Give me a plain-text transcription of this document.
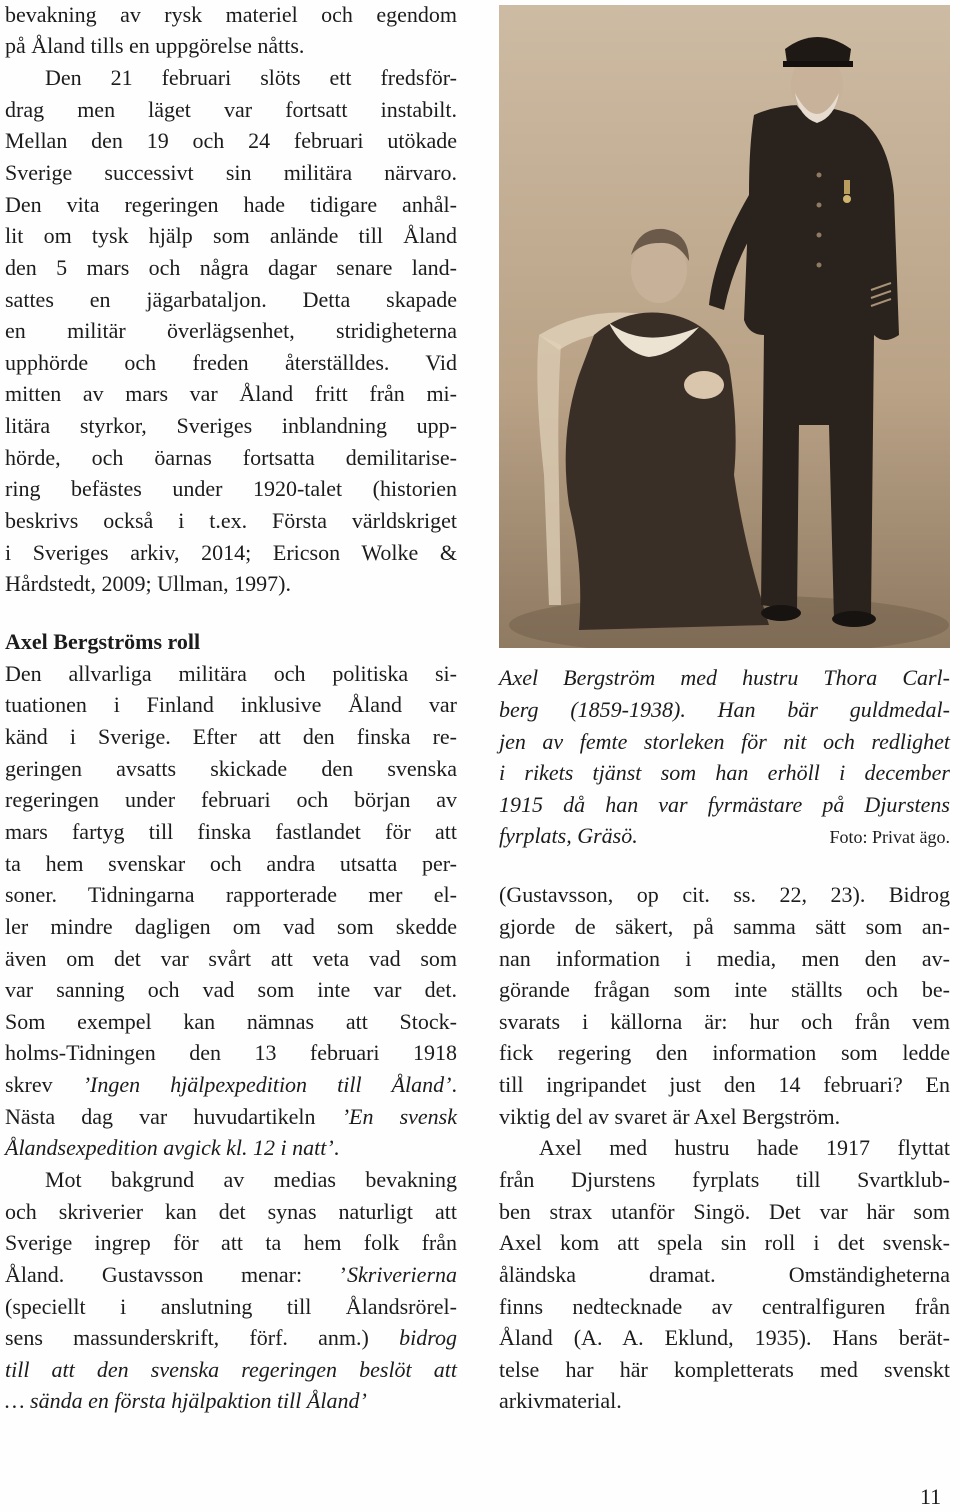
bevakning av rysk materiel och egendom
på Åland tills en uppgörelse nåtts.
Den 21 februari slöts ett fredsför-
drag men läget var fortsatt instabilt.
Mellan den 19 och 24 februari utökade
Sverige successivt sin militära närvaro.
Den vita regeringen hade tidigare anhål-
lit om tysk hjälp som anlände till Åland
den 5 mars och några dagar senare land-
sattes en jägarbataljon. Detta skapade
en militär överlägsenhet, stridigheterna
upphörde och freden återställdes. Vid
mitten av mars var Åland fritt från mi-
litära styrkor, Sveriges inblandning upp-
hörde, och öarnas fortsatta demilitarise-
ring befästes under 1920-talet (historien
beskrivs också i t.ex. Första världskriget
i Sveriges arkiv, 2014; Ericson Wolke &
Hårdstedt, 2009; Ullman, 1997).
Axel Bergströms roll
Den allvarliga militära och politiska si-
tuationen i Finland inklusive Åland var
känd i Sverige. Efter att den finska re-
geringen avsatts skickade den svenska
regeringen under februari och början av
mars fartyg till finska fastlandet för att
ta hem svenskar och andra utsatta per-
soner. Tidningarna rapporterade mer el-
ler mindre dagligen om vad som skedde
även om det var svårt att veta vad som
var sanning och vad som inte var det.
Som exempel kan nämnas att Stock-
holms-Tidningen den 13 februari 1918
skrev ’Ingen hjälpexpedition till Åland’.
Nästa dag var huvudartikeln ’En svensk
Ålandsexpedition avgick kl. 12 i natt’.
Mot bakgrund av medias bevakning
och skriverier kan det synas naturligt att
Sverige ingrep för att ta hem folk från
Åland. Gustavsson menar: ’Skriverierna
(speciellt i anslutning till Ålandsrörel-
sens massunderskrift, förf. anm.) bidrog
till att den svenska regeringen beslöt att
… sända en första hjälpaktion till Åland’
Axel Bergström med hustru Thora Carl-
berg (1859-1938). Han bär guldmedal-
jen av femte storleken för nit och redlighet
i rikets tjänst som han erhöll i december
1915 då han var fyrmästare på Djurstens
fyrplats, Gräsö.	Foto: Privat ägo.
(Gustavsson, op cit. ss. 22, 23). Bidrog
gjorde de säkert, på samma sätt som an-
nan information i media, men den av-
görande frågan som inte ställts och be-
svarats i källorna är: hur och från vem
fick regering den information som ledde
till ingripandet just den 14 februari? En
viktig del av svaret är Axel Bergström.
Axel med hustru hade 1917 flyttat
från Djurstens fyrplats till Svartklub-
ben strax utanför Singö. Det var här som
Axel kom att spela sin roll i det svensk-
åländska dramat. Omständigheterna
finns nedtecknade av centralfiguren från
Åland (A. A. Eklund, 1935). Hans berät-
telse har här kompletterats med svenskt
arkivmaterial.
11
